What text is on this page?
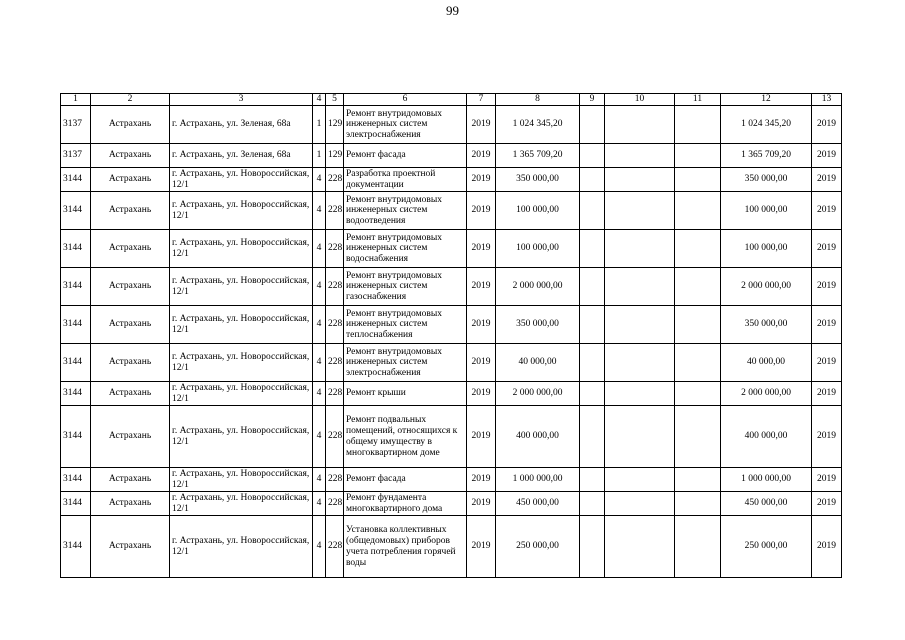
99
1	2	3	4	5	6	7	8	9	10	11	12	13
3137	Астрахань	г. Астрахань, ул. Зеленая, 68а	1	129	Ремонт внутридомовых инженерных систем электроснабжения	2019	1 024 345,20				1 024 345,20	2019
3137	Астрахань	г. Астрахань, ул. Зеленая, 68а	1	129	Ремонт фасада	2019	1 365 709,20				1 365 709,20	2019
3144	Астрахань	г. Астрахань, ул. Новороссийская, 12/1	4	228	Разработка проектной документации	2019	350 000,00				350 000,00	2019
3144	Астрахань	г. Астрахань, ул. Новороссийская, 12/1	4	228	Ремонт внутридомовых инженерных систем водоотведения	2019	100 000,00				100 000,00	2019
3144	Астрахань	г. Астрахань, ул. Новороссийская, 12/1	4	228	Ремонт внутридомовых инженерных систем водоснабжения	2019	100 000,00				100 000,00	2019
3144	Астрахань	г. Астрахань, ул. Новороссийская, 12/1	4	228	Ремонт внутридомовых инженерных систем газоснабжения	2019	2 000 000,00				2 000 000,00	2019
3144	Астрахань	г. Астрахань, ул. Новороссийская, 12/1	4	228	Ремонт внутридомовых инженерных систем теплоснабжения	2019	350 000,00				350 000,00	2019
3144	Астрахань	г. Астрахань, ул. Новороссийская, 12/1	4	228	Ремонт внутридомовых инженерных систем электроснабжения	2019	40 000,00				40 000,00	2019
3144	Астрахань	г. Астрахань, ул. Новороссийская, 12/1	4	228	Ремонт крыши	2019	2 000 000,00				2 000 000,00	2019
3144	Астрахань	г. Астрахань, ул. Новороссийская, 12/1	4	228	Ремонт подвальных помещений, относящихся к общему имуществу в многоквартирном доме	2019	400 000,00				400 000,00	2019
3144	Астрахань	г. Астрахань, ул. Новороссийская, 12/1	4	228	Ремонт фасада	2019	1 000 000,00				1 000 000,00	2019
3144	Астрахань	г. Астрахань, ул. Новороссийская, 12/1	4	228	Ремонт фундамента многоквартирного дома	2019	450 000,00				450 000,00	2019
3144	Астрахань	г. Астрахань, ул. Новороссийская, 12/1	4	228	Установка коллективных (общедомовых) приборов учета потребления горячей воды	2019	250 000,00				250 000,00	2019
